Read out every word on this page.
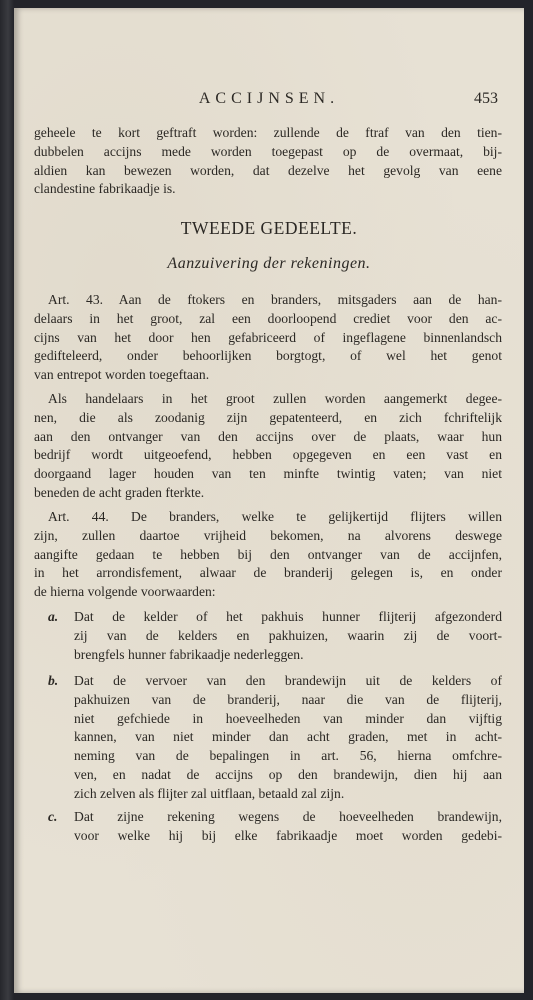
ACCIJNSEN.	453
geheele te kort geftraft worden: zullende de ftraf van den tien-
dubbelen accijns mede worden toegepast op de overmaat, bij-
aldien kan bewezen worden, dat dezelve het gevolg van eene
clandestine fabrikaadje is.
TWEEDE GEDEELTE.
Aanzuivering der rekeningen.
Art. 43. Aan de ftokers en branders, mitsgaders aan de han-
delaars in het groot, zal een doorloopend crediet voor den ac-
cijns van het door hen gefabriceerd of ingeflagene binnenlandsch
gedifteleerd, onder behoorlijken borgtogt, of wel het genot
van entrepot worden toegeftaan.
Als handelaars in het groot zullen worden aangemerkt degee-
nen, die als zoodanig zijn gepatenteerd, en zich fchriftelijk
aan den ontvanger van den accijns over de plaats, waar hun
bedrijf wordt uitgeoefend, hebben opgegeven en een vast en
doorgaand lager houden van ten minfte twintig vaten; van niet
beneden de acht graden fterkte.
Art. 44. De branders, welke te gelijkertijd flijters willen
zijn, zullen daartoe vrijheid bekomen, na alvorens deswege
aangifte gedaan te hebben bij den ontvanger van de accijnfen,
in het arrondisfement, alwaar de branderij gelegen is, en onder
de hierna volgende voorwaarden:
a.	Dat de kelder of het pakhuis hunner flijterij afgezonderd
zij van de kelders en pakhuizen, waarin zij de voort-
brengfels hunner fabrikaadje nederleggen.
b.	Dat de vervoer van den brandewijn uit de kelders of
pakhuizen van de branderij, naar die van de flijterij,
niet gefchiede in hoeveelheden van minder dan vijftig
kannen, van niet minder dan acht graden, met in acht-
neming van de bepalingen in art. 56, hierna omfchre-
ven, en nadat de accijns op den brandewijn, dien hij aan
zich zelven als flijter zal uitflaan, betaald zal zijn.
c.	Dat zijne rekening wegens de hoeveelheden brandewijn,
voor welke hij bij elke fabrikaadje moet worden gedebi-
